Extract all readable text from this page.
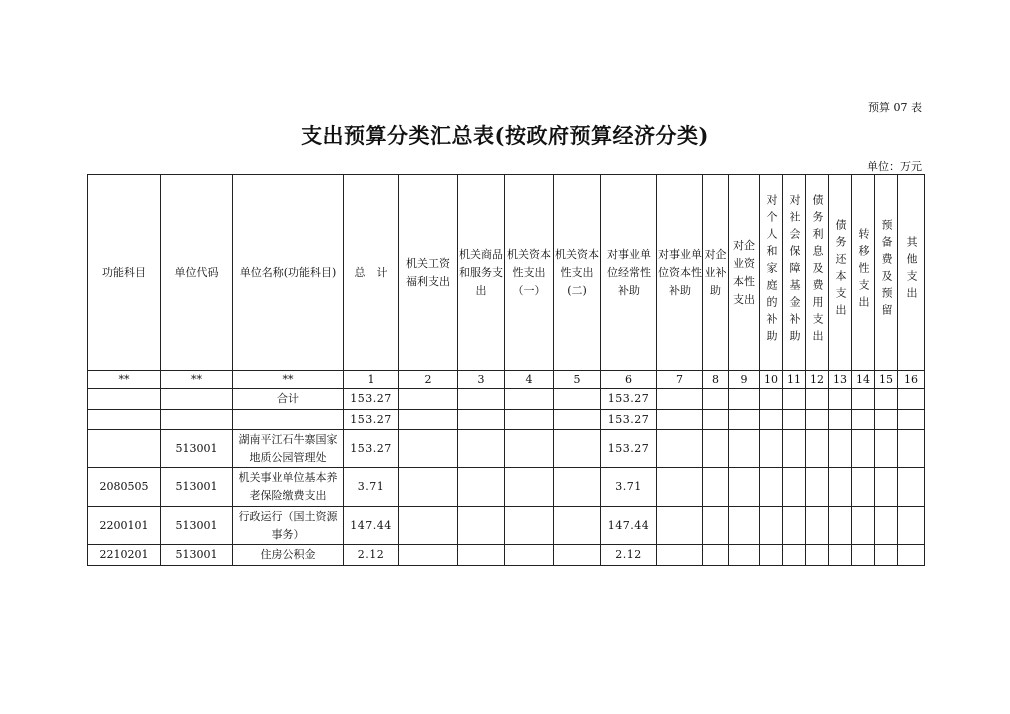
预算 07 表
支出预算分类汇总表(按政府预算经济分类)
单位：万元
功能科目	单位代码	单位名称(功能科目)	总　计	机关工资福利支出	机关商品和服务支出	机关资本性支出（一）	机关资本性支出(二)	对事业单位经常性补助	对事业单位资本性补助	对企业补助	对企业资本性支出	对个人和家庭的补助	对社会保障基金补助	债务利息及费用支出	债务还本支出	转移性支出	预备费及预留	其他支出
**	**	**	1	2	3	4	5	6	7	8	9	10	11	12	13	14	15	16
		合计	153.27					153.27										
			153.27					153.27										
	513001	湖南平江石牛寨国家地质公园管理处	153.27					153.27										
2080505	513001	机关事业单位基本养老保险缴费支出	3.71					3.71										
2200101	513001	行政运行（国土资源事务）	147.44					147.44										
2210201	513001	住房公积金	2.12					2.12										
